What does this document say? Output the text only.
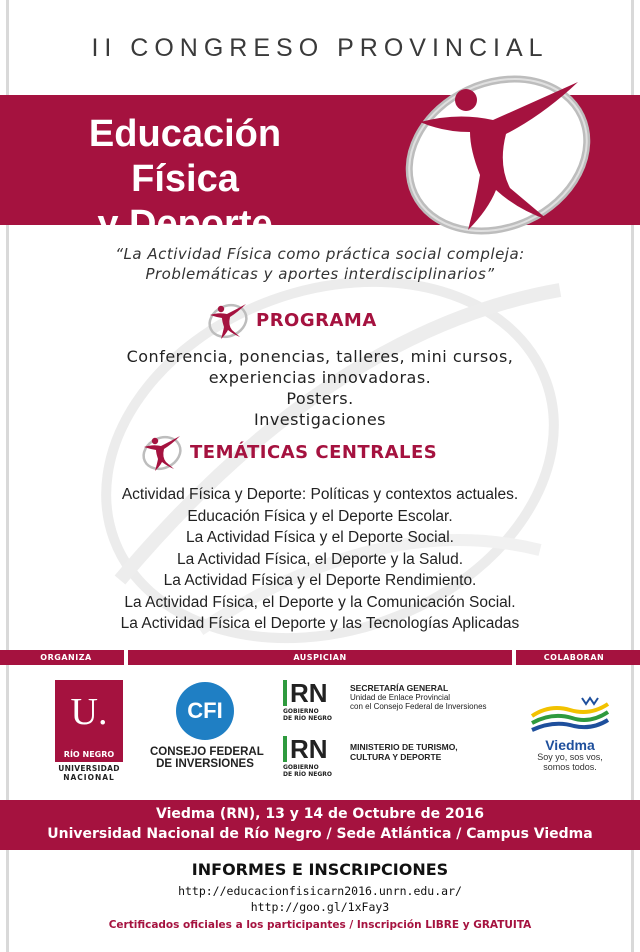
II CONGRESO PROVINCIAL
Educación Física
y Deporte
“La Actividad Física como práctica social compleja:
Problemáticas y aportes interdisciplinarios”
PROGRAMA
Conferencia, ponencias, talleres, mini cursos,
experiencias innovadoras.
Posters.
Investigaciones
TEMÁTICAS CENTRALES
Actividad Física y Deporte: Políticas y contextos actuales.
Educación Física y el Deporte Escolar.
La Actividad Física y el Deporte Social.
La Actividad Física, el Deporte y la Salud.
La Actividad Física y el Deporte Rendimiento.
La Actividad Física, el Deporte y la Comunicación Social.
La Actividad Física el Deporte y las Tecnologías Aplicadas
ORGANIZA	AUSPICIAN	COLABORAN
U.
RÍO NEGRO
UNIVERSIDAD
NACIONAL
CFI
CONSEJO FEDERAL
DE INVERSIONES
RN
GOBIERNO
DE RÍO NEGRO
SECRETARÍA GENERAL
Unidad de Enlace Provincial
con el Consejo Federal de Inversiones
RN
GOBIERNO
DE RÍO NEGRO
MINISTERIO DE TURISMO,
CULTURA Y DEPORTE
Viedma
Soy yo, sos vos,
somos todos.
Viedma (RN), 13 y 14 de Octubre de 2016
Universidad Nacional de Río Negro / Sede Atlántica / Campus Viedma
INFORMES E INSCRIPCIONES
http://educacionfisicarn2016.unrn.edu.ar/
http://goo.gl/1xFay3
Certificados oficiales a los participantes / Inscripción LIBRE y GRATUITA
